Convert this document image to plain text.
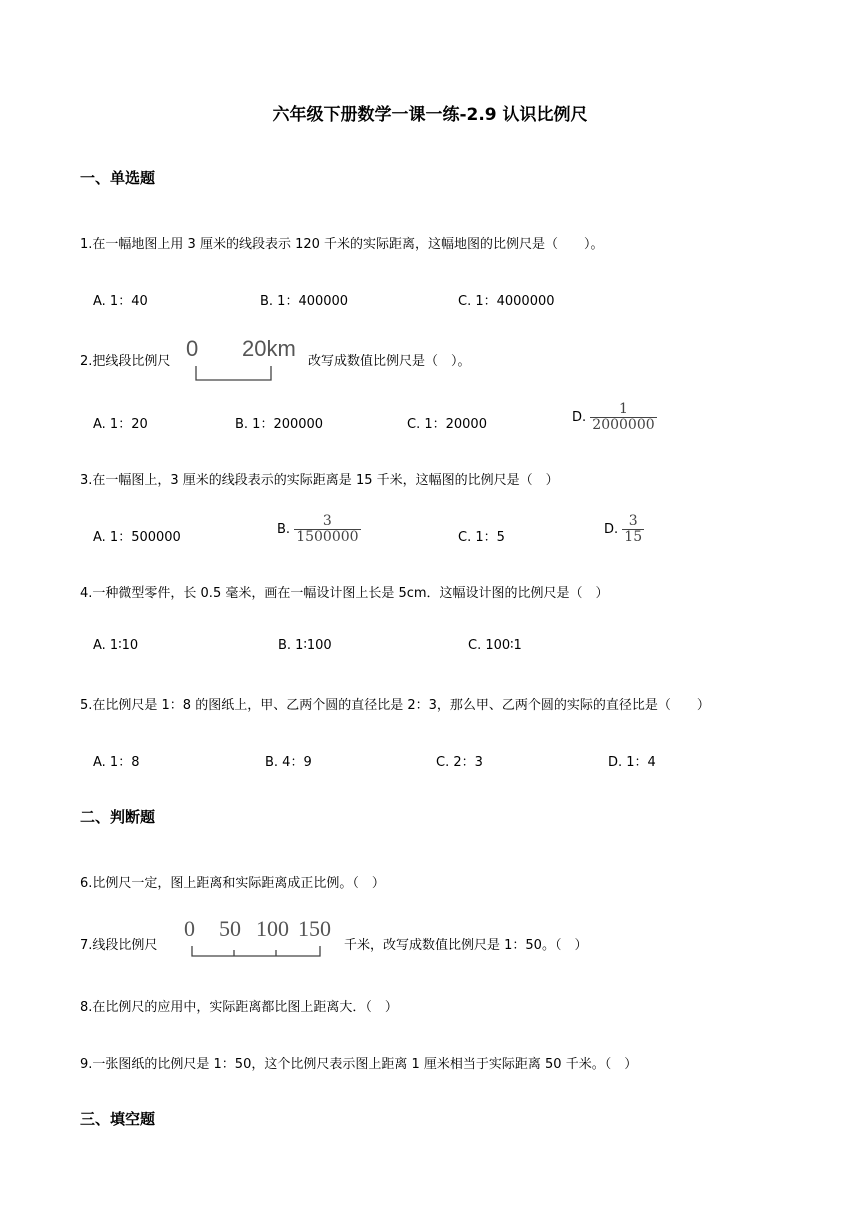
六年级下册数学一课一练-2.9 认识比例尺
一、单选题
1.在一幅地图上用 3 厘米的线段表示 120 千米的实际距离，这幅地图的比例尺是（　　）。
A. 1：40	B. 1：400000	C. 1：4000000
2.把线段比例尺
0 20km
改写成数值比例尺是（　）。
A. 1：20	B. 1：200000	C. 1：20000	D. $\frac{1}{2000000}$
3.在一幅图上，3 厘米的线段表示的实际距离是 15 千米，这幅图的比例尺是（　）
A. 1：500000
B. $\frac{3}{1500000}$	C. 1：5
D. $\frac{3}{15}$
4.一种微型零件，长 0.5 毫米，画在一幅设计图上长是 5cm．这幅设计图的比例尺是（　）
A. 1∶10	B. 1∶100	C. 100∶1
5.在比例尺是 1：8 的图纸上，甲、乙两个圆的直径比是 2：3，那么甲、乙两个圆的实际的直径比是（　　）
A. 1：8	B. 4：9	C. 2：3	D. 1：4
二、判断题
6.比例尺一定，图上距离和实际距离成正比例。（　）
7.线段比例尺
0 50 100 150
千米，改写成数值比例尺是 1：50。（　）
8.在比例尺的应用中，实际距离都比图上距离大．（　）
9.一张图纸的比例尺是 1：50，这个比例尺表示图上距离 1 厘米相当于实际距离 50 千米。（　）
三、填空题
